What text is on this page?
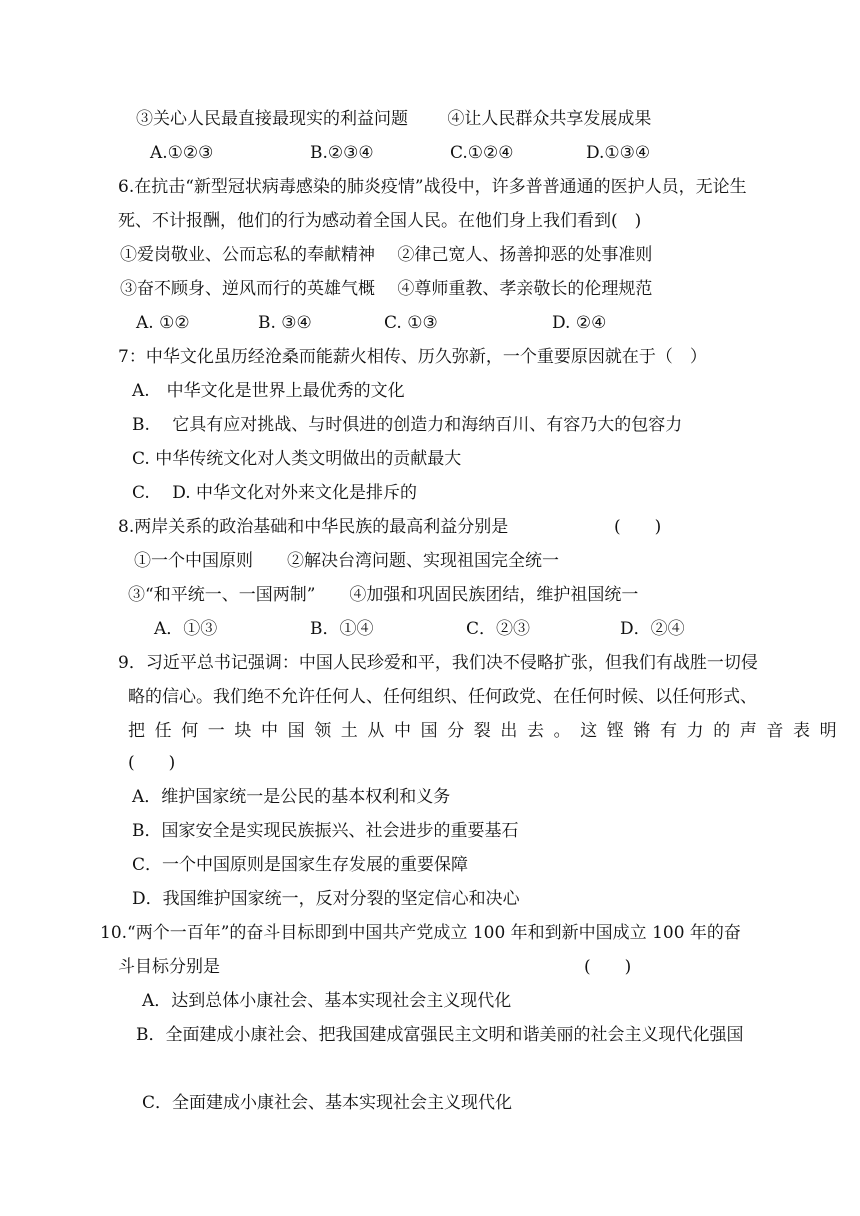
③关心人民最直接最现实的利益问题　　 ④让人民群众共享发展成果
A.①②③	B.②③④	C.①②④	D.①③④
6.在抗击“新型冠状病毒感染的肺炎疫情”战役中，许多普普通通的医护人员，无论生
死、不计报酬，他们的行为感动着全国人民。在他们身上我们看到(　)
①爱岗敬业、公而忘私的奉献精神　 ②律己宽人、扬善抑恶的处事准则
③奋不顾身、逆风而行的英雄气概　 ④尊师重教、孝亲敬长的伦理规范
A. ①②	B. ③④	C. ①③	D. ②④
7：中华文化虽历经沧桑而能薪火相传、历久弥新，一个重要原因就在于（　）
A.　中华文化是世界上最优秀的文化
B.　 它具有应对挑战、与时俱进的创造力和海纳百川、有容乃大的包容力
C. 中华传统文化对人类文明做出的贡献最大
C.　 D. 中华文化对外来文化是排斥的
8.两岸关系的政治基础和中华民族的最高利益分别是	(　　)
①一个中国原则　　②解决台湾问题、实现祖国完全统一
③“和平统一、一国两制”　　④加强和巩固民族团结，维护祖国统一
A．①③	B．①④	C．②③	D．②④
9．习近平总书记强调：中国人民珍爱和平，我们决不侵略扩张，但我们有战胜一切侵
略的信心。我们绝不允许任何人、任何组织、任何政党、在任何时候、以任何形式、
把任何一块中国领土从中国分裂出去。这铿锵有力的声音表明
(　　)
A．维护国家统一是公民的基本权利和义务
B．国家安全是实现民族振兴、社会进步的重要基石
C．一个中国原则是国家生存发展的重要保障
D．我国维护国家统一，反对分裂的坚定信心和决心
10.“两个一百年”的奋斗目标即到中国共产党成立 100 年和到新中国成立 100 年的奋
斗目标分别是	(　　)
A．达到总体小康社会、基本实现社会主义现代化
B．全面建成小康社会、把我国建成富强民主文明和谐美丽的社会主义现代化强国
C．全面建成小康社会、基本实现社会主义现代化
